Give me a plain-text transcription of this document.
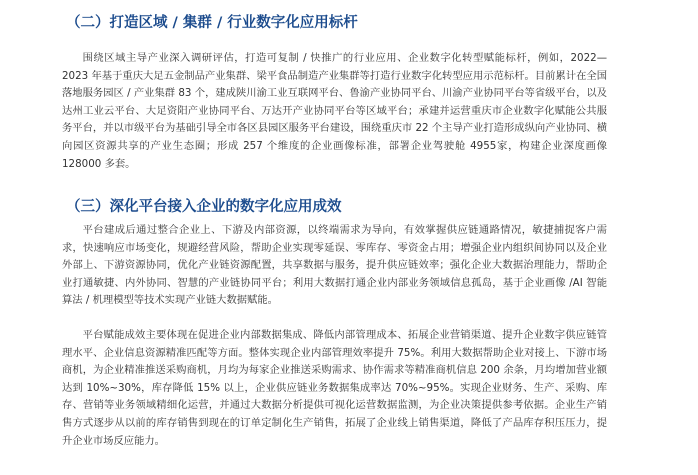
（二）打造区域 / 集群 / 行业数字化应用标杆

围绕区域主导产业深入调研评估，打造可复制 / 快推广的行业应用、企业数字化转型赋能标杆，例如，2022—2023 年基于重庆大足五金制品产业集群、梁平食品制造产业集群等打造行业数字化转型应用示范标杆。目前累计在全国落地服务园区 / 产业集群 83 个，建成陕川渝工业互联网平台、鲁渝产业协同平台、川渝产业协同平台等省级平台，以及达州工业云平台、大足资阳产业协同平台、万达开产业协同平台等区域平台；承建并运营重庆市企业数字化赋能公共服务平台，并以市级平台为基础引导全市各区县园区服务平台建设，围绕重庆市 22 个主导产业打造形成纵向产业协同、横向园区资源共享的产业生态圈；形成 257 个维度的企业画像标准，部署企业驾驶舱 4955家，构建企业深度画像 128000 多套。

（三）深化平台接入企业的数字化应用成效

平台建成后通过整合企业上、下游及内部资源，以终端需求为导向，有效掌握供应链通路情况，敏捷捕捉客户需求，快速响应市场变化，规避经营风险，帮助企业实现零延误、零库存、零资金占用；增强企业内组织间协同以及企业外部上、下游资源协同，优化产业链资源配置，共享数据与服务，提升供应链效率；强化企业大数据治理能力，帮助企业打通敏捷、内外协同、智慧的产业链协同平台；利用大数据打通企业内部业务领域信息孤岛，基于企业画像 /AI 智能算法 / 机理模型等技术实现产业链大数据赋能。

平台赋能成效主要体现在促进企业内部数据集成、降低内部管理成本、拓展企业营销渠道、提升企业数字供应链管理水平、企业信息资源精准匹配等方面。整体实现企业内部管理效率提升 75%。利用大数据帮助企业对接上、下游市场商机，为企业精准推送采购商机，月均为每家企业推送采购需求、协作需求等精准商机信息 200 余条，月均增加营业额达到 10%~30%，库存降低 15% 以上，企业供应链业务数据集成率达 70%~95%。实现企业财务、生产、采购、库存、营销等业务领域精细化运营，并通过大数据分析提供可视化运营数据监测，为企业决策提供参考依据。企业生产销售方式逐步从以前的库存销售到现在的订单定制化生产销售，拓展了企业线上销售渠道，降低了产品库存积压压力，提升企业市场反应能力。
